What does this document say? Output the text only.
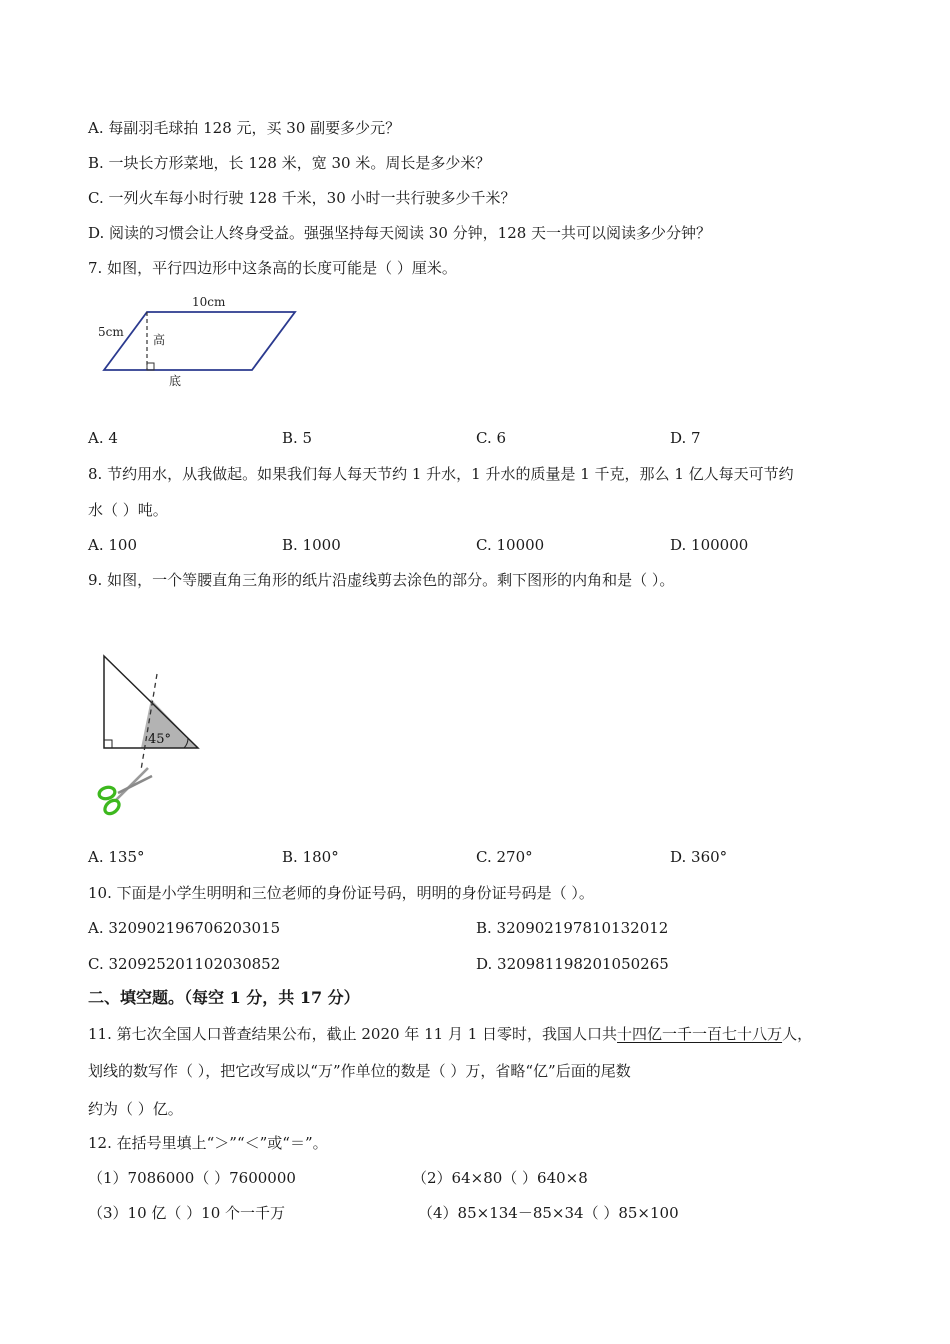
A. 每副羽毛球拍 128 元，买 30 副要多少元？
B. 一块长方形菜地，长 128 米，宽 30 米。周长是多少米？
C. 一列火车每小时行驶 128 千米，30 小时一共行驶多少千米？
D. 阅读的习惯会让人终身受益。强强坚持每天阅读 30 分钟，128 天一共可以阅读多少分钟？
7. 如图，平行四边形中这条高的长度可能是（ ）厘米。
10cm
5cm
高
底
A. 4	B. 5	C. 6	D. 7
8. 节约用水，从我做起。如果我们每人每天节约 1 升水，1 升水的质量是 1 千克，那么 1 亿人每天可节约
水（ ）吨。
A. 100	B. 1000	C. 10000	D. 100000
9. 如图，一个等腰直角三角形的纸片沿虚线剪去涂色的部分。剩下图形的内角和是（ ）。
45°
A. 135°	B. 180°	C. 270°	D. 360°
10. 下面是小学生明明和三位老师的身份证号码，明明的身份证号码是（ ）。
A. 320902196706203015	B. 320902197810132012
C. 320925201102030852	D. 320981198201050265
二、填空题。（每空 1 分，共 17 分）
11. 第七次全国人口普查结果公布，截止 2020 年 11 月 1 日零时，我国人口共十四亿一千一百七十八万人，
划线的数写作（ ），把它改写成以“万”作单位的数是（ ）万，省略“亿”后面的尾数
约为（ ）亿。
12. 在括号里填上“＞”“＜”或“＝”。
（1）7086000（ ）7600000	（2）64×80（ ）640×8
（3）10 亿（ ）10 个一千万	（4）85×134－85×34（ ）85×100
